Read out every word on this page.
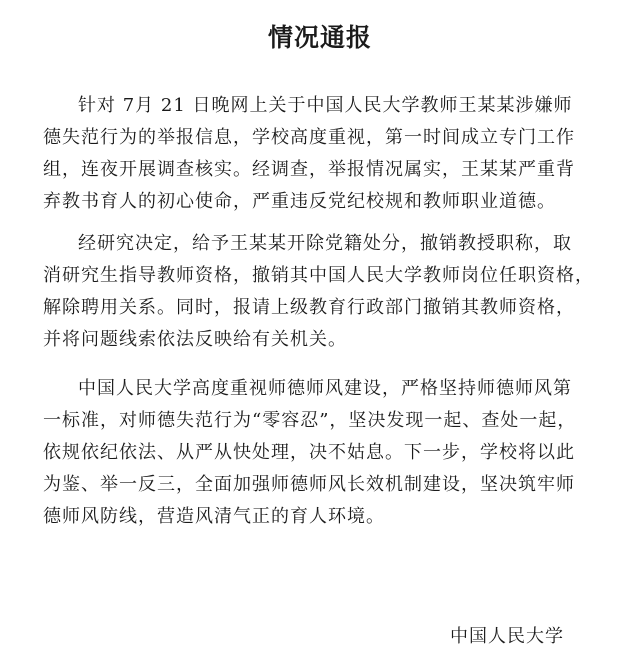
情况通报
针对 7月 21 日晚网上关于中国人民大学教师王某某涉嫌师
德失范行为的举报信息，学校高度重视，第一时间成立专门工作
组，连夜开展调查核实。经调查，举报情况属实，王某某严重背
弃教书育人的初心使命，严重违反党纪校规和教师职业道德。
经研究决定，给予王某某开除党籍处分，撤销教授职称，取
消研究生指导教师资格，撤销其中国人民大学教师岗位任职资格，
解除聘用关系。同时，报请上级教育行政部门撤销其教师资格，
并将问题线索依法反映给有关机关。
中国人民大学高度重视师德师风建设，严格坚持师德师风第
一标准，对师德失范行为“零容忍”，坚决发现一起、查处一起，
依规依纪依法、从严从快处理，决不姑息。下一步，学校将以此
为鉴、举一反三，全面加强师德师风长效机制建设，坚决筑牢师
德师风防线，营造风清气正的育人环境。
中国人民大学
